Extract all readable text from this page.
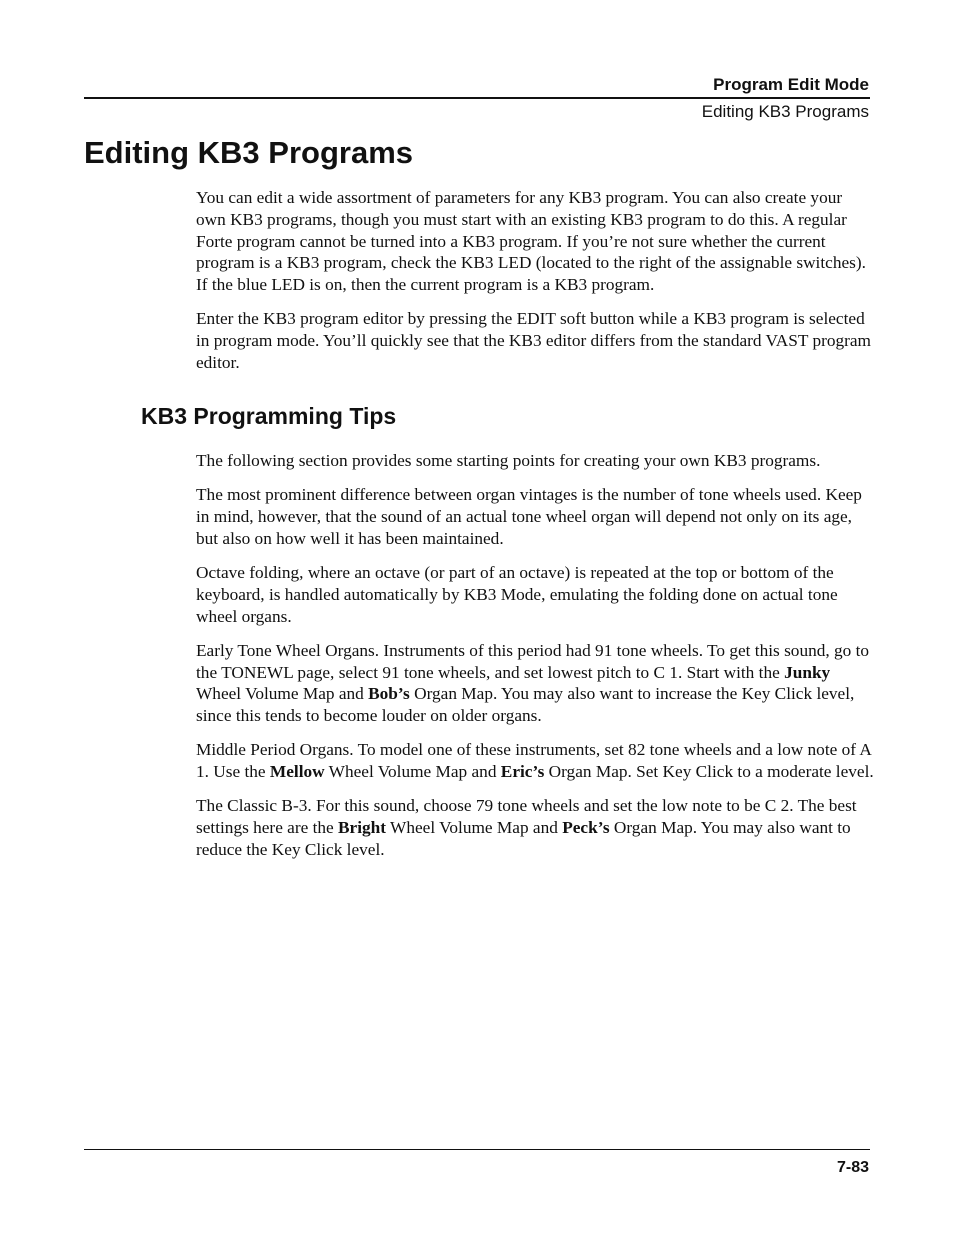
Program Edit Mode
Editing KB3 Programs
Editing KB3 Programs

You can edit a wide assortment of parameters for any KB3 program. You can also create your own KB3 programs, though you must start with an existing KB3 program to do this. A regular Forte program cannot be turned into a KB3 program. If you’re not sure whether the current program is a KB3 program, check the KB3 LED (located to the right of the assignable switches). If the blue LED is on, then the current program is a KB3 program.

Enter the KB3 program editor by pressing the EDIT soft button while a KB3 program is selected in program mode. You’ll quickly see that the KB3 editor differs from the standard VAST program editor.

KB3 Programming Tips

The following section provides some starting points for creating your own KB3 programs.

The most prominent difference between organ vintages is the number of tone wheels used. Keep in mind, however, that the sound of an actual tone wheel organ will depend not only on its age, but also on how well it has been maintained.

Octave folding, where an octave (or part of an octave) is repeated at the top or bottom of the keyboard, is handled automatically by KB3 Mode, emulating the folding done on actual tone wheel organs.

Early Tone Wheel Organs. Instruments of this period had 91 tone wheels. To get this sound, go to the TONEWL page, select 91 tone wheels, and set lowest pitch to C 1. Start with the Junky Wheel Volume Map and Bob’s Organ Map. You may also want to increase the Key Click level, since this tends to become louder on older organs.

Middle Period Organs. To model one of these instruments, set 82 tone wheels and a low note of A 1. Use the Mellow Wheel Volume Map and Eric’s Organ Map. Set Key Click to a moderate level.

The Classic B-3. For this sound, choose 79 tone wheels and set the low note to be C 2. The best settings here are the Bright Wheel Volume Map and Peck’s Organ Map. You may also want to reduce the Key Click level.

7-83
